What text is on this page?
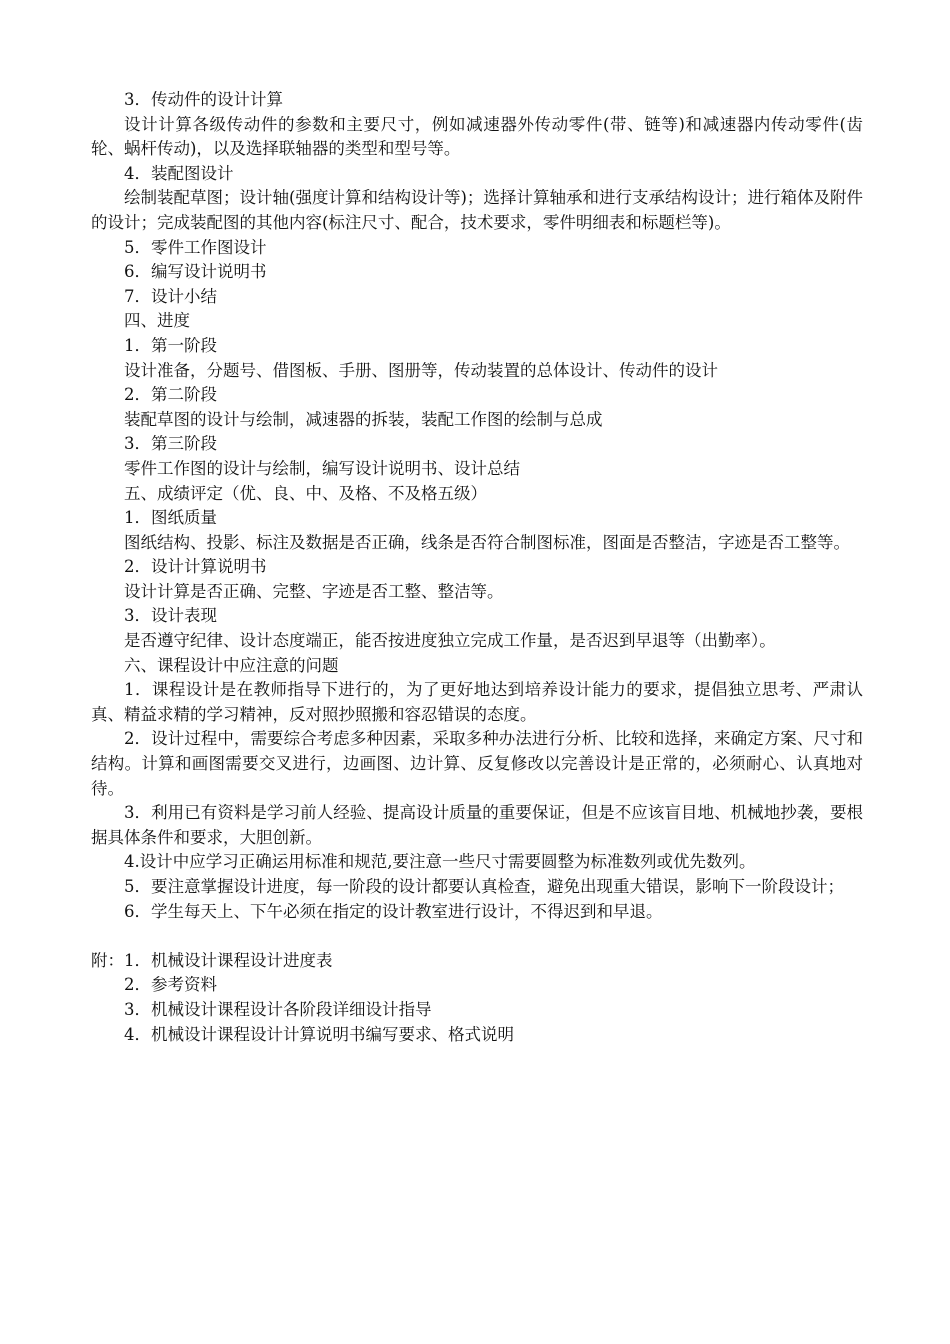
3．传动件的设计计算

设计计算各级传动件的参数和主要尺寸，例如减速器外传动零件(带、链等)和减速器内传动零件(齿轮、蜗杆传动)，以及选择联轴器的类型和型号等。

4．装配图设计

绘制装配草图；设计轴(强度计算和结构设计等)；选择计算轴承和进行支承结构设计；进行箱体及附件的设计；完成装配图的其他内容(标注尺寸、配合，技术要求，零件明细表和标题栏等)。

5．零件工作图设计

6．编写设计说明书

7．设计小结

四、进度

1．第一阶段

设计准备，分题号、借图板、手册、图册等，传动装置的总体设计、传动件的设计

2．第二阶段

装配草图的设计与绘制，减速器的拆装，装配工作图的绘制与总成

3．第三阶段

零件工作图的设计与绘制，编写设计说明书、设计总结

五、成绩评定（优、良、中、及格、不及格五级）

1．图纸质量

图纸结构、投影、标注及数据是否正确，线条是否符合制图标准，图面是否整洁，字迹是否工整等。

2．设计计算说明书

设计计算是否正确、完整、字迹是否工整、整洁等。

3．设计表现

是否遵守纪律、设计态度端正，能否按进度独立完成工作量，是否迟到早退等（出勤率）。

六、课程设计中应注意的问题

1．课程设计是在教师指导下进行的，为了更好地达到培养设计能力的要求，提倡独立思考、严肃认真、精益求精的学习精神，反对照抄照搬和容忍错误的态度。

2．设计过程中，需要综合考虑多种因素，采取多种办法进行分析、比较和选择，来确定方案、尺寸和结构。计算和画图需要交叉进行，边画图、边计算、反复修改以完善设计是正常的，必须耐心、认真地对待。

3．利用已有资料是学习前人经验、提高设计质量的重要保证，但是不应该盲目地、机械地抄袭，要根据具体条件和要求，大胆创新。

4.设计中应学习正确运用标准和规范,要注意一些尺寸需要圆整为标准数列或优先数列。

5．要注意掌握设计进度，每一阶段的设计都要认真检查，避免出现重大错误，影响下一阶段设计；

6．学生每天上、下午必须在指定的设计教室进行设计，不得迟到和早退。

附： 1．机械设计课程设计进度表
2．参考资料
3．机械设计课程设计各阶段详细设计指导
4．机械设计课程设计计算说明书编写要求、格式说明
